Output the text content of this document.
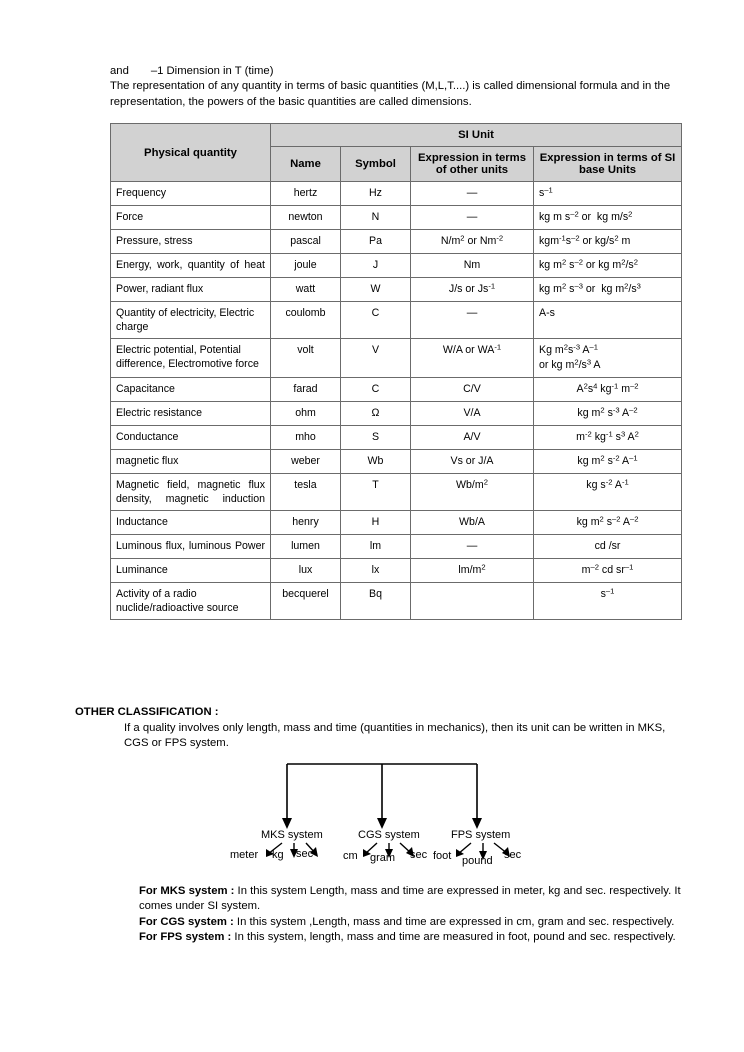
and       –1 Dimension in T (time)
The representation of any quantity in terms of basic quantities (M,L,T....) is called dimensional formula and in the representation, the powers of the basic quantities are called dimensions.
Physical quantity	SI Unit			
	Name	Symbol	Expression in terms of other units	Expression in terms of SI base Units
Frequency	hertz	Hz	—	$s^{-1}$
Force	newton	N	—	kg m $s^{-2}$ or  kg $m/s^2$
Pressure, stress	pascal	Pa	$N/m^2$ or $Nm^{-2}$	$kgm^{-1}s^{-2}$ or $kg/s^2$ m
Energy, work, quantity of heat	joule	J	Nm	kg $m^2$ $s^{-2}$ or kg $m^2/s^2$
Power, radiant flux	watt	W	J/s or $Js^{-1}$	kg $m^2$ $s^{-3}$ or  kg $m^2/s^3$
Quantity of electricity, Electric charge	coulomb	C	—	A-s
Electric potential, Potential difference, Electromotive force	volt	V	W/A or $WA^{-1}$	Kg $m^2s^{-3}$ $A^{-1}$
or kg $m^2/s^3$ A
Capacitance	farad	C	C/V	$A^2s^4$ $kg^{-1}$ $m^{-2}$
Electric resistance	ohm	Ω	V/A	kg $m^2$ $s^{-3}$ $A^{-2}$
Conductance	mho	S	A/V	$m^{-2}$ $kg^{-1}$ $s^3$ $A^2$
magnetic flux	weber	Wb	Vs or J/A	kg $m^2$ $s^{-2}$ $A^{-1}$
Magnetic field, magnetic flux density, magnetic induction	tesla	T	$Wb/m^2$	kg $s^{-2}$ $A^{-1}$
Inductance	henry	H	Wb/A	kg $m^2$ $s^{-2}$ $A^{-2}$
Luminous flux, luminous Power	lumen	lm	—	cd /sr
Luminance	lux	lx	$lm/m^2$	$m^{-2}$ cd $sr^{-1}$
Activity of a radio nuclide/radioactive source	becquerel	Bq		$s^{-1}$
OTHER CLASSIFICATION :
If a quality involves only length, mass and time (quantities in mechanics), then its unit can be written in MKS, CGS or FPS system.
MKS system	CGS system	FPS system
meter kg sec	cm gram sec foot pound sec

For MKS system : In this system Length, mass and time are expressed in meter, kg and sec. respectively. It comes under SI system.

For CGS system : In this system ,Length, mass and time are expressed in cm, gram and sec. respectively.

For FPS system : In this system, length, mass and time are measured in foot, pound and sec. respectively.
